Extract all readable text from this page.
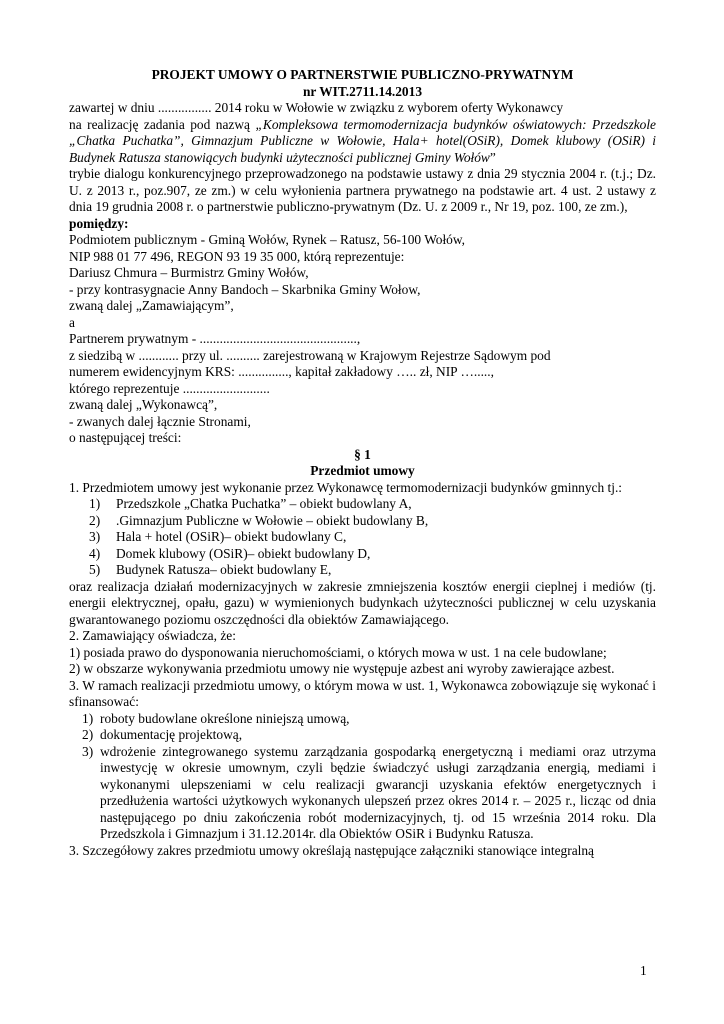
PROJEKT UMOWY O PARTNERSTWIE PUBLICZNO-PRYWATNYM

nr WIT.2711.14.2013

zawartej w dniu ................ 2014 roku w Wołowie w związku z wyborem oferty Wykonawcy

na realizację zadania pod nazwą „Kompleksowa termomodernizacja budynków oświatowych: Przedszkole „Chatka Puchatka”, Gimnazjum Publiczne w Wołowie, Hala+ hotel(OSiR), Domek klubowy (OSiR) i Budynek Ratusza stanowiących budynki użyteczności publicznej Gminy Wołów”

trybie dialogu konkurencyjnego przeprowadzonego na podstawie ustawy z dnia 29 stycznia 2004 r. (t.j.; Dz. U. z 2013 r., poz.907, ze zm.) w celu wyłonienia partnera prywatnego na podstawie art. 4 ust. 2 ustawy z dnia 19 grudnia 2008 r. o partnerstwie publiczno-prywatnym (Dz. U. z 2009 r., Nr 19, poz. 100, ze zm.),

pomiędzy:

Podmiotem publicznym - Gminą Wołów, Rynek – Ratusz, 56-100 Wołów,

NIP 988 01 77 496, REGON 93 19 35 000, którą reprezentuje:

Dariusz Chmura – Burmistrz Gminy Wołów,

- przy kontrasygnacie Anny Bandoch – Skarbnika Gminy Wołow,

zwaną dalej „Zamawiającym”,

a

Partnerem prywatnym - ...............................................,

z siedzibą w ............ przy ul. .......... zarejestrowaną w Krajowym Rejestrze Sądowym pod

numerem ewidencyjnym KRS: ..............., kapitał zakładowy ….. zł, NIP ….....,

którego reprezentuje ..........................

zwaną dalej „Wykonawcą”,

- zwanych dalej łącznie Stronami,

o następującej treści:

§ 1

Przedmiot umowy

1. Przedmiotem umowy jest wykonanie przez Wykonawcę termomodernizacji budynków gminnych tj.:

1) Przedszkole „Chatka Puchatka” – obiekt budowlany A,
2) .Gimnazjum Publiczne w Wołowie – obiekt budowlany B,
3) Hala + hotel (OSiR)– obiekt budowlany C,
4) Domek klubowy (OSiR)– obiekt budowlany D,
5) Budynek Ratusza– obiekt budowlany E,

oraz realizacja działań modernizacyjnych w zakresie zmniejszenia kosztów energii cieplnej i mediów (tj. energii elektrycznej, opału, gazu) w wymienionych budynkach użyteczności publicznej w celu uzyskania gwarantowanego poziomu oszczędności dla obiektów Zamawiającego.

2. Zamawiający oświadcza, że:

1) posiada prawo do dysponowania nieruchomościami, o których mowa w ust. 1 na cele budowlane;

2) w obszarze wykonywania przedmiotu umowy nie występuje azbest ani wyroby zawierające azbest.

3. W ramach realizacji przedmiotu umowy, o którym mowa w ust. 1, Wykonawca zobowiązuje się wykonać i sfinansować:

1) roboty budowlane określone niniejszą umową,
2) dokumentację projektową,
3) wdrożenie zintegrowanego systemu zarządzania gospodarką energetyczną i mediami oraz utrzyma inwestycję w okresie umownym, czyli będzie świadczyć usługi zarządzania energią, mediami i wykonanymi ulepszeniami w celu realizacji gwarancji uzyskania efektów energetycznych i przedłużenia wartości użytkowych wykonanych ulepszeń przez okres 2014 r. – 2025 r., licząc od dnia następującego po dniu zakończenia robót modernizacyjnych, tj. od 15 września 2014 roku. Dla Przedszkola i Gimnazjum i 31.12.2014r. dla Obiektów OSiR i Budynku Ratusza.

3. Szczegółowy zakres przedmiotu umowy określają następujące załączniki stanowiące integralną

1
